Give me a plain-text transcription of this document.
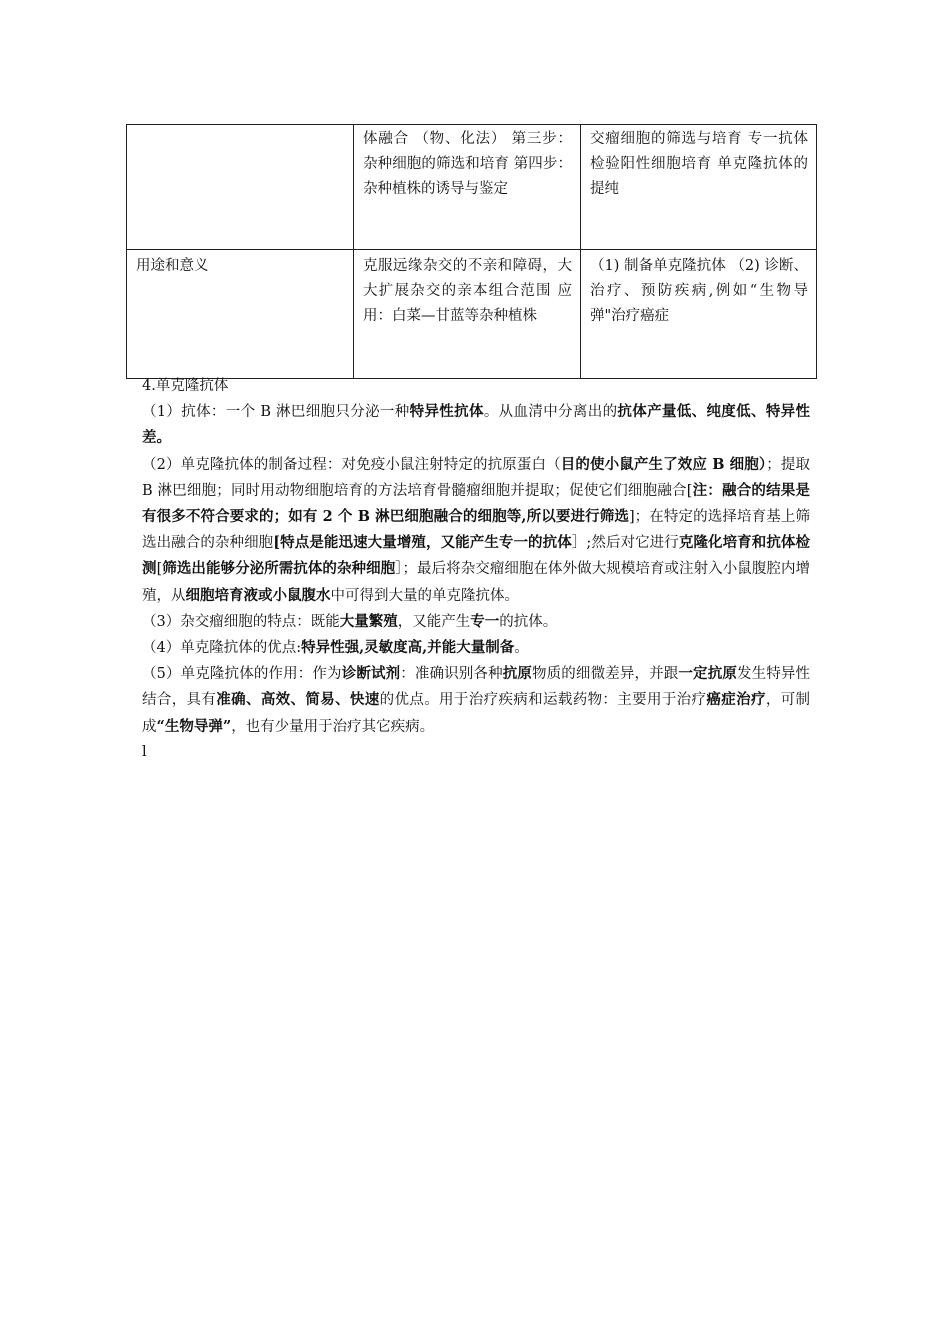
	体融合 （物、化法） 第三步：杂种细胞的筛选和培育 第四步：杂种植株的诱导与鉴定	交瘤细胞的筛选与培育 专一抗体检验阳性细胞培育 单克隆抗体的提纯
用途和意义	克服远缘杂交的不亲和障碍，大大扩展杂交的亲本组合范围 应用：白菜—甘蓝等杂种植株	（1) 制备单克隆抗体 （2) 诊断、治疗、预防疾病,例如“生物导弹"治疗癌症

4.单克隆抗体

（1）抗体：一个 B 淋巴细胞只分泌一种特异性抗体。从血清中分离出的抗体产量低、纯度低、特异性差。

（2）单克隆抗体的制备过程：对免疫小鼠注射特定的抗原蛋白（目的使小鼠产生了效应 B 细胞）；提取 B 淋巴细胞；同时用动物细胞培育的方法培育骨髓瘤细胞并提取；促使它们细胞融合[注：融合的结果是有很多不符合要求的；如有 2 个 B 淋巴细胞融合的细胞等,所以要进行筛选]；在特定的选择培育基上筛选出融合的杂种细胞[特点是能迅速大量增殖，又能产生专一的抗体］;然后对它进行克隆化培育和抗体检测[筛选出能够分泌所需抗体的杂种细胞］；最后将杂交瘤细胞在体外做大规模培育或注射入小鼠腹腔内增殖，从细胞培育液或小鼠腹水中可得到大量的单克隆抗体。

（3）杂交瘤细胞的特点：既能大量繁殖，又能产生专一的抗体。

（4）单克隆抗体的优点:特异性强,灵敏度高,并能大量制备。

（5）单克隆抗体的作用：作为诊断试剂：准确识别各种抗原物质的细微差异，并跟一定抗原发生特异性结合，具有准确、高效、简易、快速的优点。用于治疗疾病和运载药物：主要用于治疗癌症治疗，可制成“生物导弹”，也有少量用于治疗其它疾病。

l
